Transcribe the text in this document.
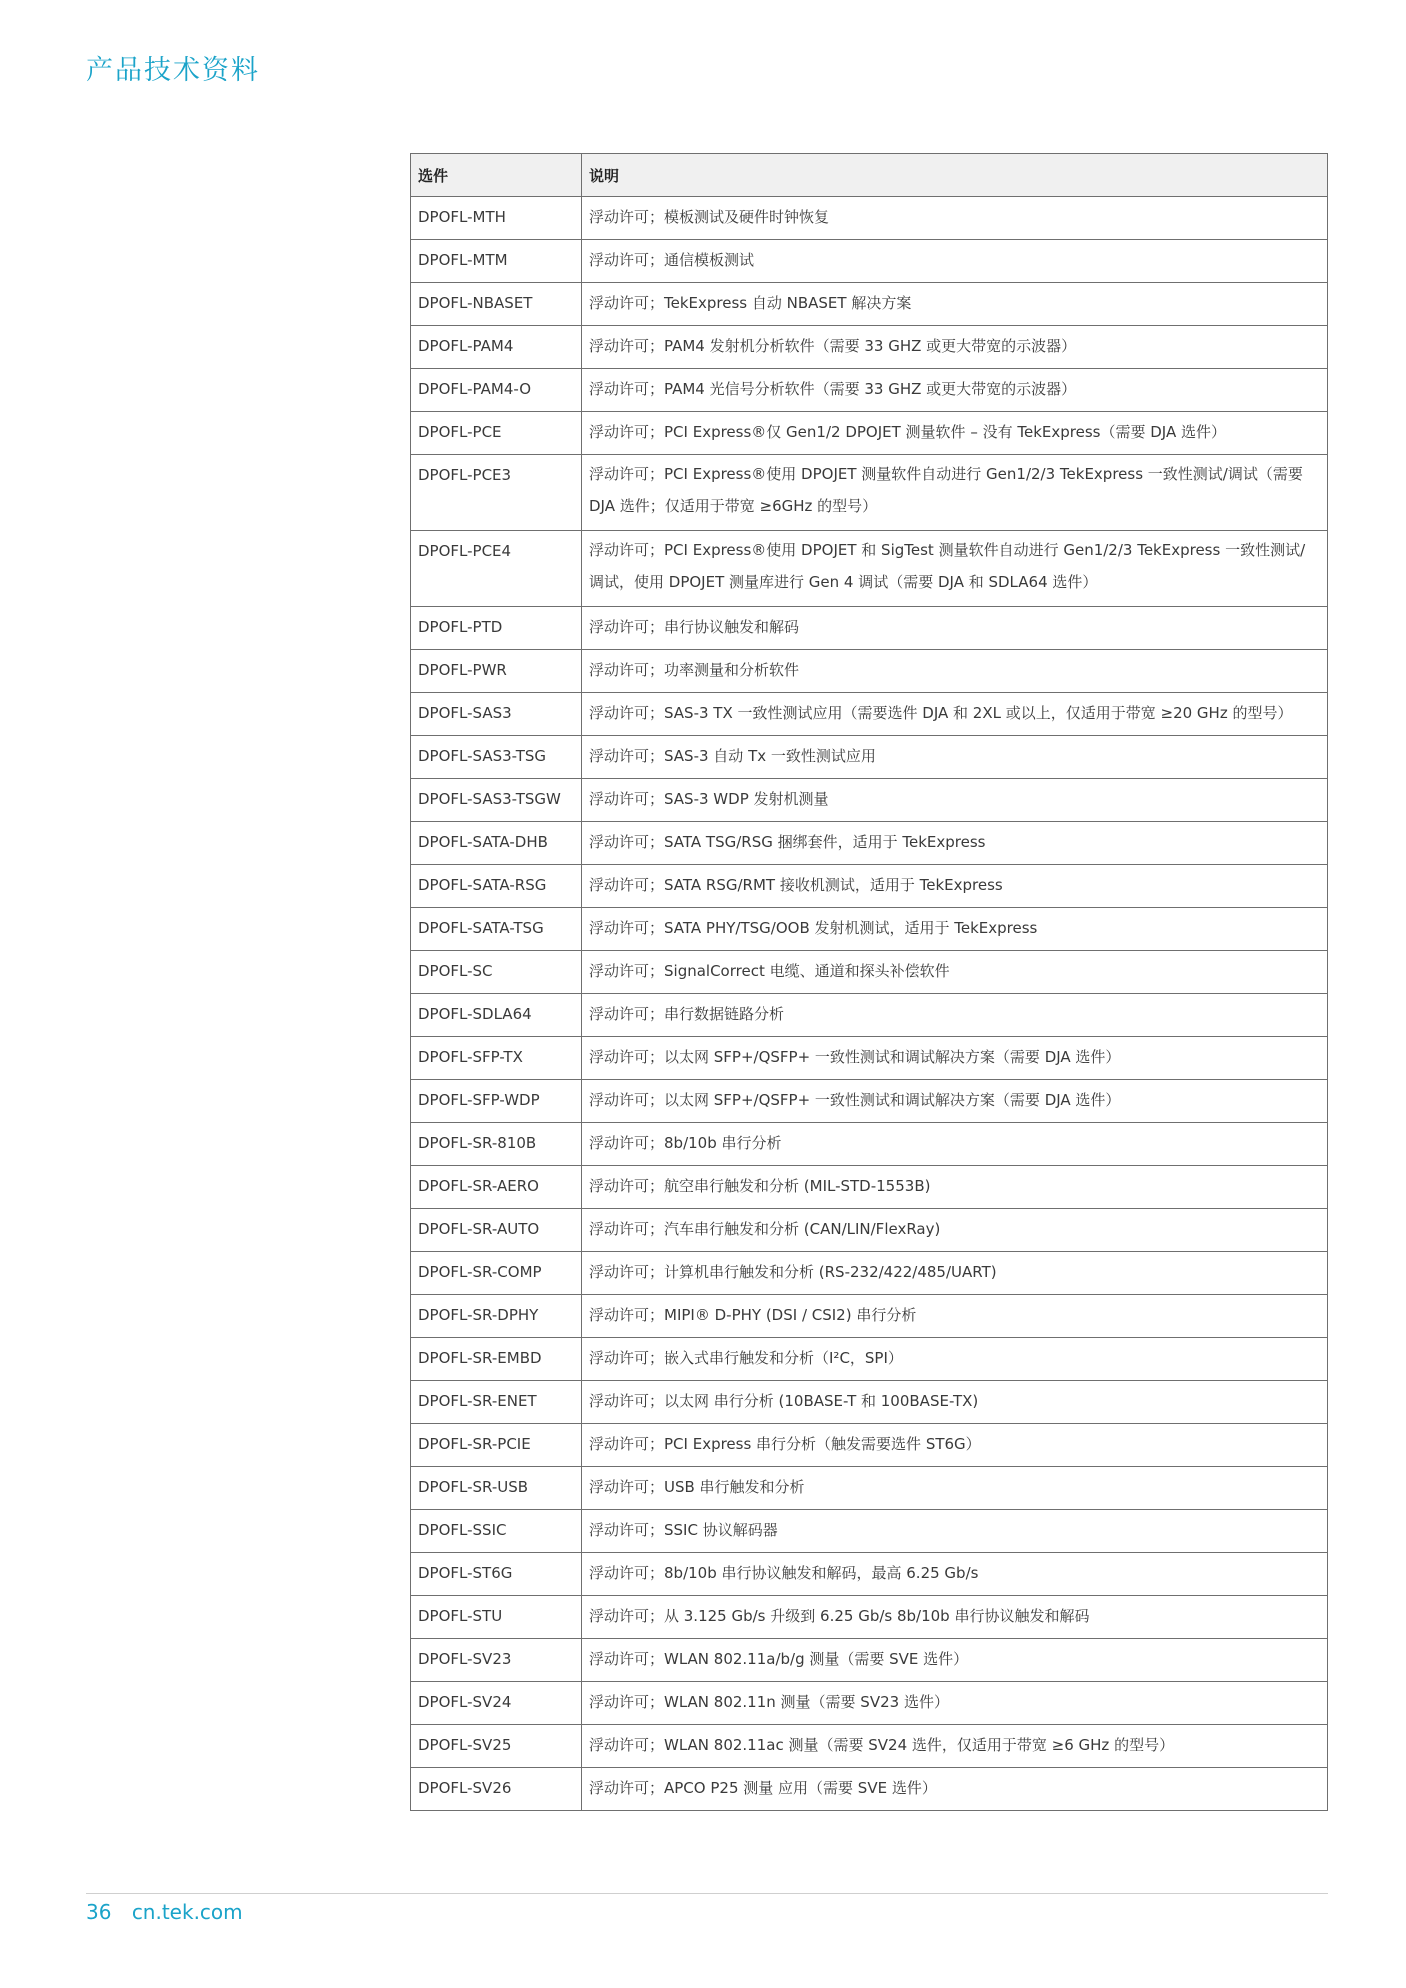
产品技术资料
选件	说明
DPOFL-MTH	浮动许可；模板测试及硬件时钟恢复
DPOFL-MTM	浮动许可；通信模板测试
DPOFL-NBASET	浮动许可；TekExpress 自动 NBASET 解决方案
DPOFL-PAM4	浮动许可；PAM4 发射机分析软件（需要 33 GHZ 或更大带宽的示波器）
DPOFL-PAM4-O	浮动许可；PAM4 光信号分析软件（需要 33 GHZ 或更大带宽的示波器）
DPOFL-PCE	浮动许可；PCI Express®仅 Gen1/2 DPOJET 测量软件 – 没有 TekExpress（需要 DJA 选件）
DPOFL-PCE3	浮动许可；PCI Express®使用 DPOJET 测量软件自动进行 Gen1/2/3 TekExpress 一致性测试/调试（需要 DJA 选件；仅适用于带宽 ≥6GHz 的型号）
DPOFL-PCE4	浮动许可；PCI Express®使用 DPOJET 和 SigTest 测量软件自动进行 Gen1/2/3 TekExpress 一致性测试/调试，使用 DPOJET 测量库进行 Gen 4 调试（需要 DJA 和 SDLA64 选件）
DPOFL-PTD	浮动许可；串行协议触发和解码
DPOFL-PWR	浮动许可；功率测量和分析软件
DPOFL-SAS3	浮动许可；SAS-3 TX 一致性测试应用（需要选件 DJA 和 2XL 或以上，仅适用于带宽 ≥20 GHz 的型号）
DPOFL-SAS3-TSG	浮动许可；SAS-3 自动 Tx 一致性测试应用
DPOFL-SAS3-TSGW	浮动许可；SAS-3 WDP 发射机测量
DPOFL-SATA-DHB	浮动许可；SATA TSG/RSG 捆绑套件，适用于 TekExpress
DPOFL-SATA-RSG	浮动许可；SATA RSG/RMT 接收机测试，适用于 TekExpress
DPOFL-SATA-TSG	浮动许可；SATA PHY/TSG/OOB 发射机测试，适用于 TekExpress
DPOFL-SC	浮动许可；SignalCorrect 电缆、通道和探头补偿软件
DPOFL-SDLA64	浮动许可；串行数据链路分析
DPOFL-SFP-TX	浮动许可；以太网 SFP+/QSFP+ 一致性测试和调试解决方案（需要 DJA 选件）
DPOFL-SFP-WDP	浮动许可；以太网 SFP+/QSFP+ 一致性测试和调试解决方案（需要 DJA 选件）
DPOFL-SR-810B	浮动许可；8b/10b 串行分析
DPOFL-SR-AERO	浮动许可；航空串行触发和分析 (MIL-STD-1553B)
DPOFL-SR-AUTO	浮动许可；汽车串行触发和分析 (CAN/LIN/FlexRay)
DPOFL-SR-COMP	浮动许可；计算机串行触发和分析 (RS-232/422/485/UART)
DPOFL-SR-DPHY	浮动许可；MIPI® D-PHY (DSI / CSI2) 串行分析
DPOFL-SR-EMBD	浮动许可；嵌入式串行触发和分析（I²C，SPI）
DPOFL-SR-ENET	浮动许可；以太网 串行分析 (10BASE-T 和 100BASE-TX)
DPOFL-SR-PCIE	浮动许可；PCI Express 串行分析（触发需要选件 ST6G）
DPOFL-SR-USB	浮动许可；USB 串行触发和分析
DPOFL-SSIC	浮动许可；SSIC 协议解码器
DPOFL-ST6G	浮动许可；8b/10b 串行协议触发和解码，最高 6.25 Gb/s
DPOFL-STU	浮动许可；从 3.125 Gb/s 升级到 6.25 Gb/s 8b/10b 串行协议触发和解码
DPOFL-SV23	浮动许可；WLAN 802.11a/b/g 测量（需要 SVE 选件）
DPOFL-SV24	浮动许可；WLAN 802.11n 测量（需要 SV23 选件）
DPOFL-SV25	浮动许可；WLAN 802.11ac 测量（需要 SV24 选件，仅适用于带宽 ≥6 GHz 的型号）
DPOFL-SV26	浮动许可；APCO P25 测量 应用（需要 SVE 选件）
36 cn.tek.com
